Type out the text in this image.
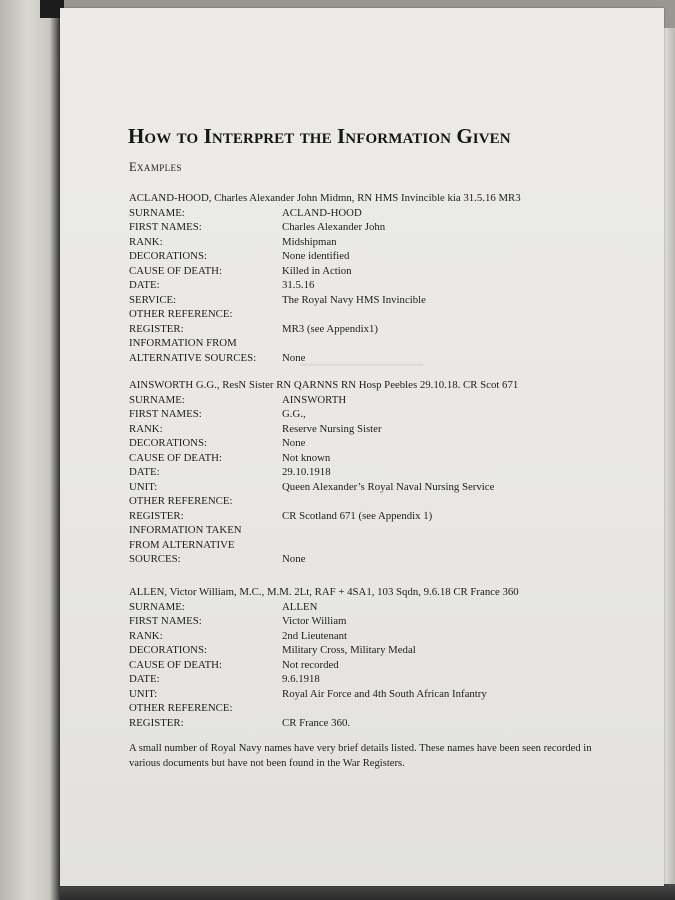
▁▁▁▁▁▁▁▁▁▁
How to Interpret the Information Given
Examples
ACLAND-HOOD, Charles Alexander John Midmn, RN HMS Invincible kia 31.5.16 MR3
SURNAME:	ACLAND-HOOD
FIRST NAMES:	Charles Alexander John
RANK:	Midshipman
DECORATIONS:	None identified
CAUSE OF DEATH:	Killed in Action
DATE:	31.5.16
SERVICE:	The Royal Navy HMS Invincible
OTHER REFERENCE:
REGISTER:	MR3 (see Appendix1)
INFORMATION FROM
ALTERNATIVE SOURCES:	None
AINSWORTH G.G., ResN Sister RN QARNNS RN Hosp Peebles 29.10.18. CR Scot 671
SURNAME:	AINSWORTH
FIRST NAMES:	G.G.,
RANK:	Reserve Nursing Sister
DECORATIONS:	None
CAUSE OF DEATH:	Not known
DATE:	29.10.1918
UNIT:	Queen Alexander’s Royal Naval Nursing Service
OTHER REFERENCE:
REGISTER:	CR Scotland 671 (see Appendix 1)
INFORMATION TAKEN
FROM ALTERNATIVE
SOURCES:	None
ALLEN, Victor William, M.C., M.M. 2Lt, RAF + 4SA1, 103 Sqdn, 9.6.18 CR France 360
SURNAME:	ALLEN
FIRST NAMES:	Victor William
RANK:	2nd Lieutenant
DECORATIONS:	Military Cross, Military Medal
CAUSE OF DEATH:	Not recorded
DATE:	9.6.1918
UNIT:	Royal Air Force and 4th South African Infantry
OTHER REFERENCE:
REGISTER:	CR France 360.

A small number of Royal Navy names have very brief details listed. These names have been seen recorded in various documents but have not been found in the War Registers.
